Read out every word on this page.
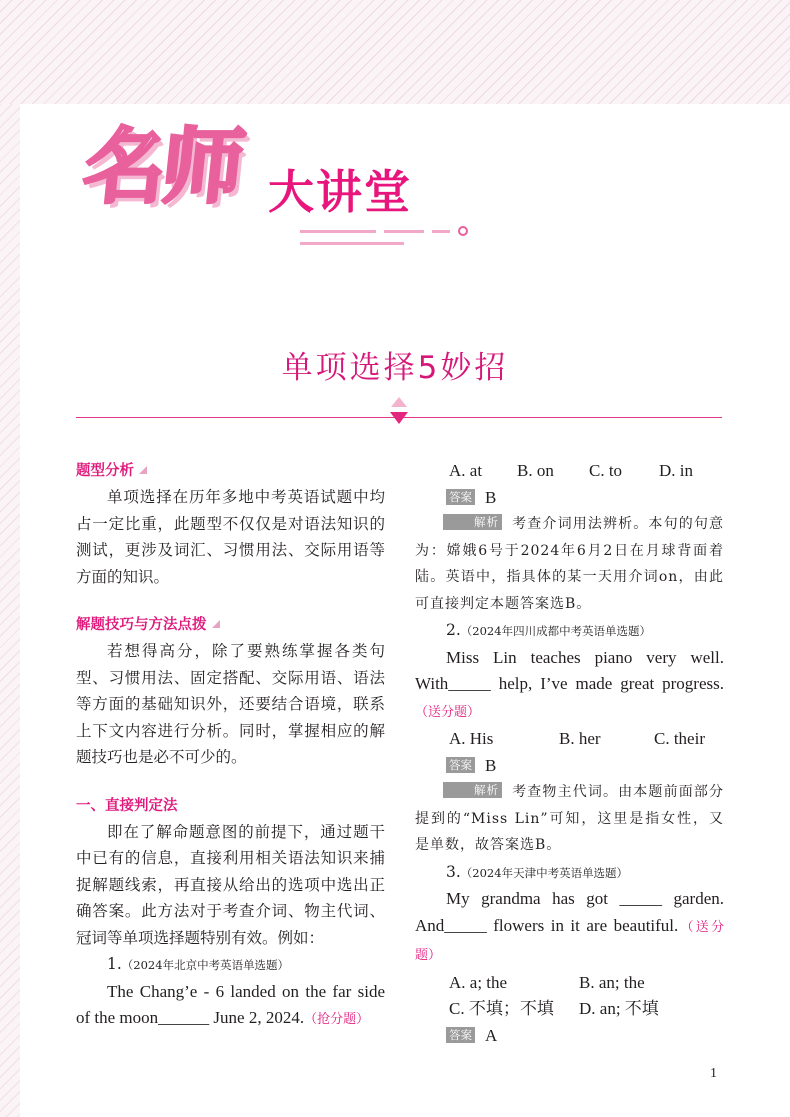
名师 大讲堂
单项选择5妙招

题型分析

单项选择在历年多地中考英语试题中均占一定比重，此题型不仅仅是对语法知识的测试，更涉及词汇、习惯用法、交际用语等方面的知识。

解题技巧与方法点拨

若想得高分，除了要熟练掌握各类句型、习惯用法、固定搭配、交际用语、语法等方面的基础知识外，还要结合语境，联系上下文内容进行分析。同时，掌握相应的解题技巧也是必不可少的。

一、直接判定法

即在了解命题意图的前提下，通过题干中已有的信息，直接利用相关语法知识来捕捉解题线索，再直接从给出的选项中选出正确答案。此方法对于考查介词、物主代词、冠词等单项选择题特别有效。例如：

1.（2024年北京中考英语单选题）

The Chang’e - 6 landed on the far side of the moon______ June 2, 2024.（抢分题）

A. at	B. on	C. to	D. in

答案 B

解析 考查介词用法辨析。本句的句意为：嫦娥6号于2024年6月2日在月球背面着陆。英语中，指具体的某一天用介词on，由此可直接判定本题答案选B。

2.（2024年四川成都中考英语单选题）

Miss Lin teaches piano very well. With_____ help, I’ve made great progress.（送分题）

A. His	B. her	C. their

答案 B

解析 考查物主代词。由本题前面部分提到的“Miss Lin”可知，这里是指女性，又是单数，故答案选B。

3.（2024年天津中考英语单选题）

My grandma has got _____ garden. And_____ flowers in it are beautiful.（送分题）

A. a; the	B. an; the

C. 不填；不填	D. an; 不填

答案 A

1
